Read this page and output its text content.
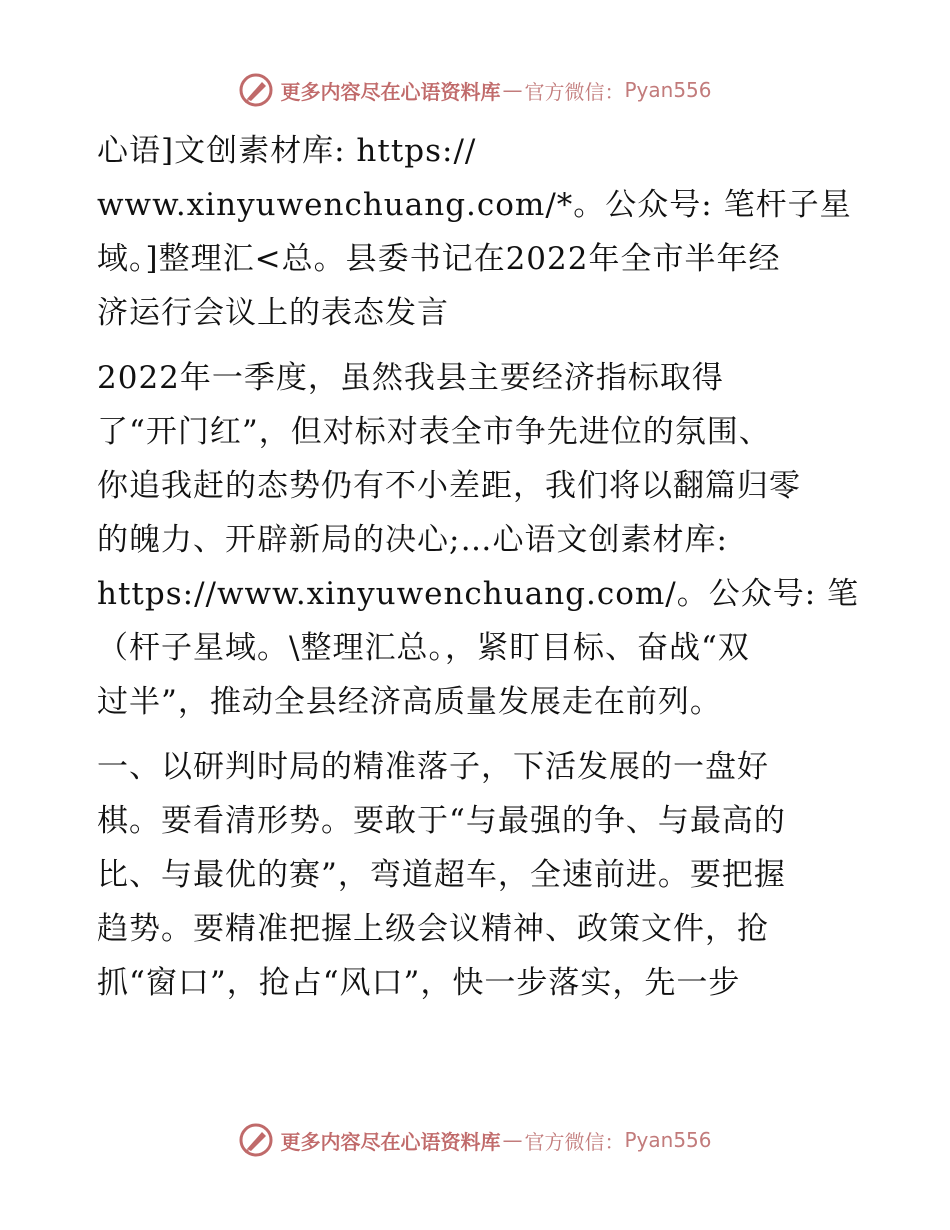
更多内容尽在心语资料库 — 官方微信： Pyan556
心语]文创素材库: https://
www.xinyuwenchuang.com/*。公众号: 笔杆子星
域。]整理汇<总。县委书记在2022年全市半年经
济运行会议上的表态发言
2022年一季度，虽然我县主要经济指标取得
了“开门红”，但对标对表全市争先进位的氛围、
你追我赶的态势仍有不小差距，我们将以翻篇归零
的魄力、开辟新局的决心;…心语文创素材库:
https://www.xinyuwenchuang.com/。公众号: 笔
（杆子星域。\整理汇总。，紧盯目标、奋战“双
过半”，推动全县经济高质量发展走在前列。
一、以研判时局的精准落子，下活发展的一盘好
棋。要看清形势。要敢于“与最强的争、与最高的
比、与最优的赛”，弯道超车，全速前进。要把握
趋势。要精准把握上级会议精神、政策文件，抢
抓“窗口”，抢占“风口”，快一步落实，先一步
更多内容尽在心语资料库 — 官方微信： Pyan556
